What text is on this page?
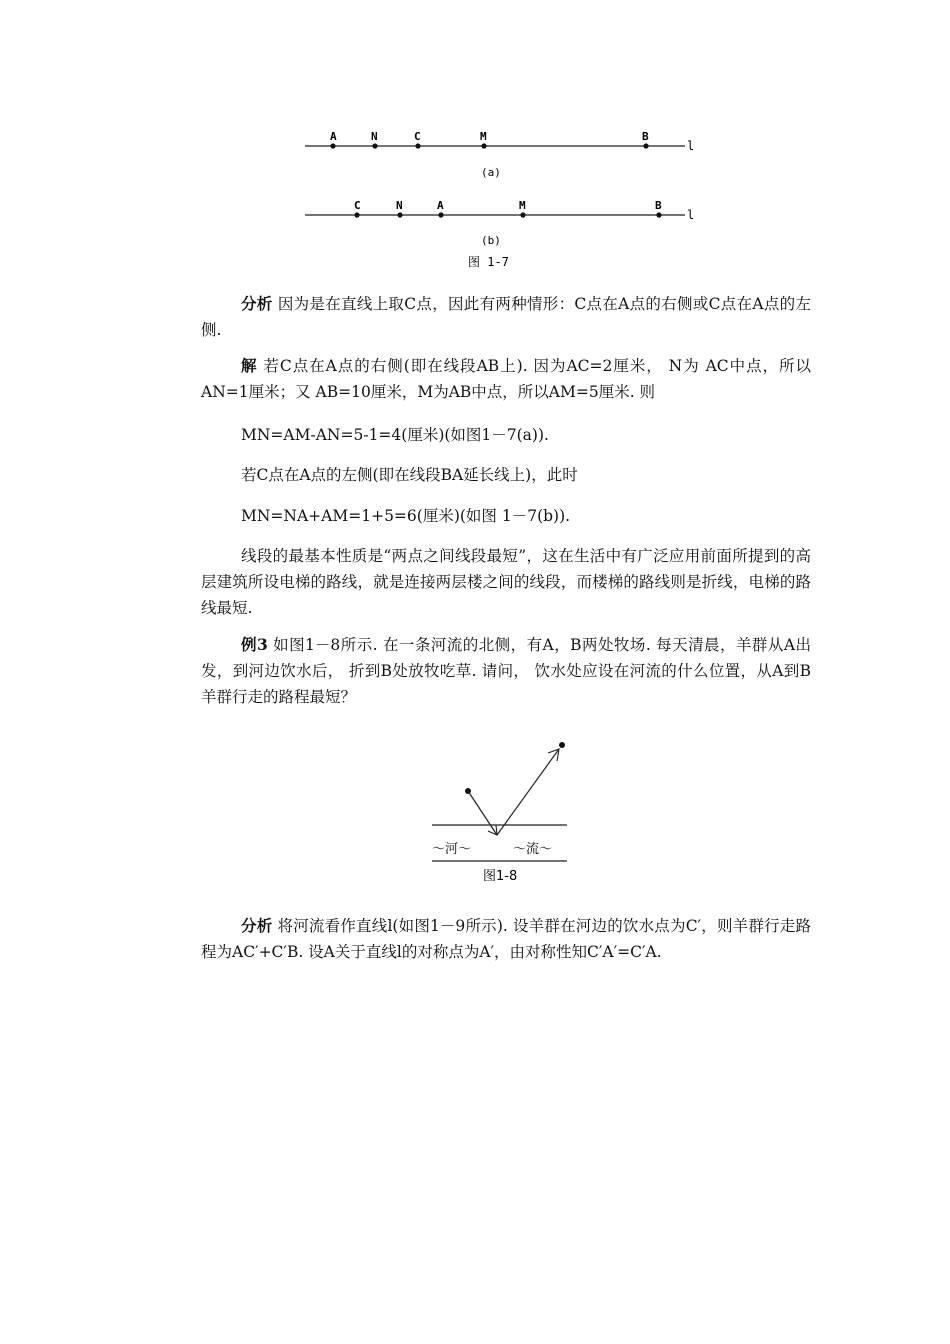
A	N	C	M	B
l
(a)
C	N	A	M	B
l
(b)
图 1-7

分析 因为是在直线上取C点，因此有两种情形：C点在A点的右侧或C点在A点的左侧.

解 若C点在A点的右侧(即在线段AB上). 因为AC=2厘米， N为 AC中点，所以 AN=1厘米；又 AB=10厘米，M为AB中点，所以AM=5厘米. 则

MN=AM-AN=5-1=4(厘米)(如图1－7(a)).

若C点在A点的左侧(即在线段BA延长线上)，此时

MN=NA+AM=1+5=6(厘米)(如图 1－7(b)).

线段的最基本性质是“两点之间线段最短”，这在生活中有广泛应用前面所提到的高层建筑所设电梯的路线，就是连接两层楼之间的线段，而楼梯的路线则是折线，电梯的路线最短.

例3 如图1－8所示. 在一条河流的北侧，有A，B两处牧场. 每天清晨，羊群从A出发，到河边饮水后， 折到B处放牧吃草. 请问， 饮水处应设在河流的什么位置，从A到B羊群行走的路程最短？

～河～	～流～
图1-8

分析 将河流看作直线l(如图1－9所示). 设羊群在河边的饮水点为C′，则羊群行走路程为AC′+C′B. 设A关于直线l的对称点为A′，由对称性知C′A′=C′A.
